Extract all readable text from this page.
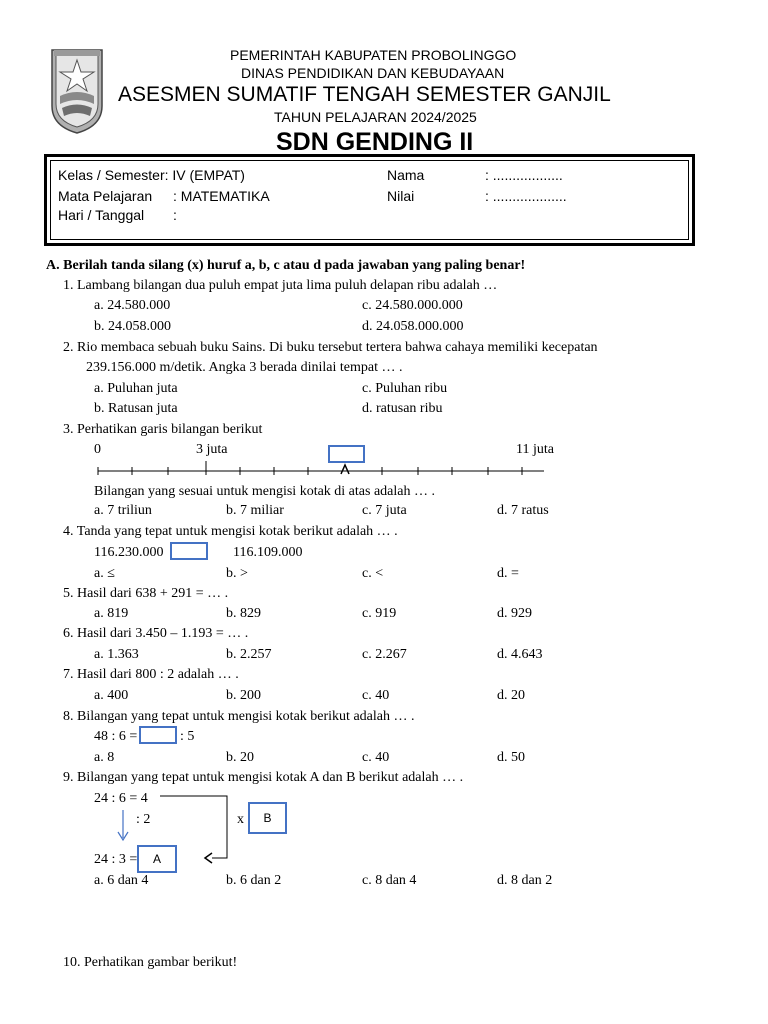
PEMERINTAH KABUPATEN PROBOLINGGO
DINAS PENDIDIKAN DAN KEBUDAYAAN
ASESMEN SUMATIF TENGAH SEMESTER GANJIL
TAHUN PELAJARAN 2024/2025
SDN GENDING II
Kelas / Semester: IV (EMPAT)
Mata Pelajaran : MATEMATIKA
Hari / Tanggal :
Nama	: ..................
Nilai	: ...................
A. Berilah tanda silang (x) huruf a, b, c atau d pada jawaban yang paling benar!
1. Lambang bilangan dua puluh empat juta lima puluh delapan ribu adalah …
a. 24.580.000	c. 24.580.000.000
b. 24.058.000	d. 24.058.000.000
2. Rio membaca sebuah buku Sains. Di buku tersebut tertera bahwa cahaya memiliki kecepatan
239.156.000 m/detik. Angka 3 berada dinilai tempat … .
a. Puluhan juta	c. Puluhan ribu
b. Ratusan juta	d. ratusan ribu
3. Perhatikan garis bilangan berikut
0	3 juta	11 juta
Bilangan yang sesuai untuk mengisi kotak di atas adalah … .
a. 7 triliun	b. 7 miliar	c. 7 juta	d. 7 ratus
4. Tanda yang tepat untuk mengisi kotak berikut adalah … .
116.230.000	116.109.000
a. ≤	b. >	c. <	d. =
5. Hasil dari 638 + 291 = … .
a. 819	b. 829	c. 919	d. 929
6. Hasil dari 3.450 – 1.193 = … .
a. 1.363	b. 2.257	c. 2.267	d. 4.643
7. Hasil dari 800 : 2 adalah … .
a. 400	b. 200	c. 40	d. 20
8. Bilangan yang tepat untuk mengisi kotak berikut adalah … .
48 : 6 =	: 5
a. 8	b. 20	c. 40	d. 50
9. Bilangan yang tepat untuk mengisi kotak A dan B berikut adalah … .
24 : 6 = 4
: 2	x	B
24 : 3 =	A
a. 6 dan 4	b. 6 dan 2	c. 8 dan 4	d. 8 dan 2
10. Perhatikan gambar berikut!
